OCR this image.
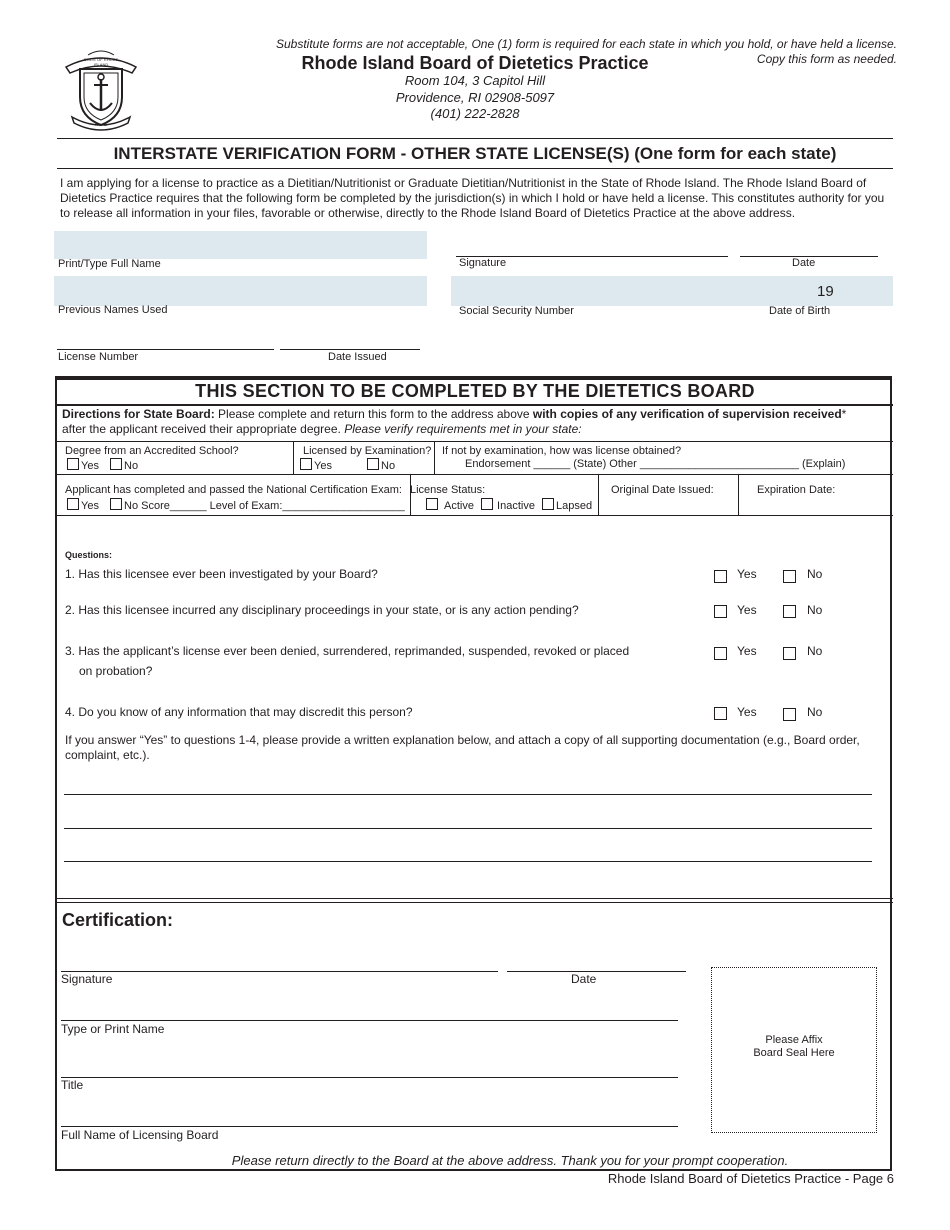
STATE OF RHODE ISLAND
HOPE
Substitute forms are not acceptable, One (1) form is required for each state in which you hold, or have held a license.
Copy this form as needed.
Rhode Island Board of Dietetics Practice
Room 104, 3 Capitol Hill
Providence, RI 02908-5097
(401) 222-2828
INTERSTATE VERIFICATION FORM - OTHER STATE LICENSE(S) (One form for each state)
I am applying for a license to practice as a Dietitian/Nutritionist or Graduate Dietitian/Nutritionist in the State of Rhode Island. The Rhode Island Board of Dietetics Practice requires that the following form be completed by the jurisdiction(s) in which I hold or have held a license. This constitutes authority for you to release all information in your files, favorable or otherwise, directly to the Rhode Island Board of Dietetics Practice at the above address.
Print/Type Full Name	Signature	Date
Previous Names Used	Social Security Number
19
Date of Birth
License Number	Date Issued
THIS SECTION TO BE COMPLETED BY THE DIETETICS BOARD
Directions for State Board: Please complete and return this form to the address above with copies of any verification of supervision received*
after the applicant received their appropriate degree. Please verify requirements met in your state:
Degree from an Accredited School?
Yes No
Licensed by Examination?
Yes	No
If not by examination, how was license obtained?
Endorsement ______ (State) Other __________________________ (Explain)
Applicant has completed and passed the National Certification Exam:
Yes No Score______ Level of Exam:____________________
License Status:
Active Inactive Lapsed
Original Date Issued:	Expiration Date:
Questions:
1. Has this licensee ever been investigated by your Board?	Yes	No
2. Has this licensee incurred any disciplinary proceedings in your state, or is any action pending?	Yes	No
3. Has the applicant’s license ever been denied, surrendered, reprimanded, suspended, revoked or placed
on probation?
Yes	No
4. Do you know of any information that may discredit this person?	Yes	No
If you answer “Yes” to questions 1-4, please provide a written explanation below, and attach a copy of all supporting documentation (e.g., Board order, complaint, etc.).
Certification:
Signature	Date
Type or Print Name
Title
Full Name of Licensing Board
Please Affix
Board Seal Here
Please return directly to the Board at the above address. Thank you for your prompt cooperation.
Rhode Island Board of Dietetics Practice - Page 6
